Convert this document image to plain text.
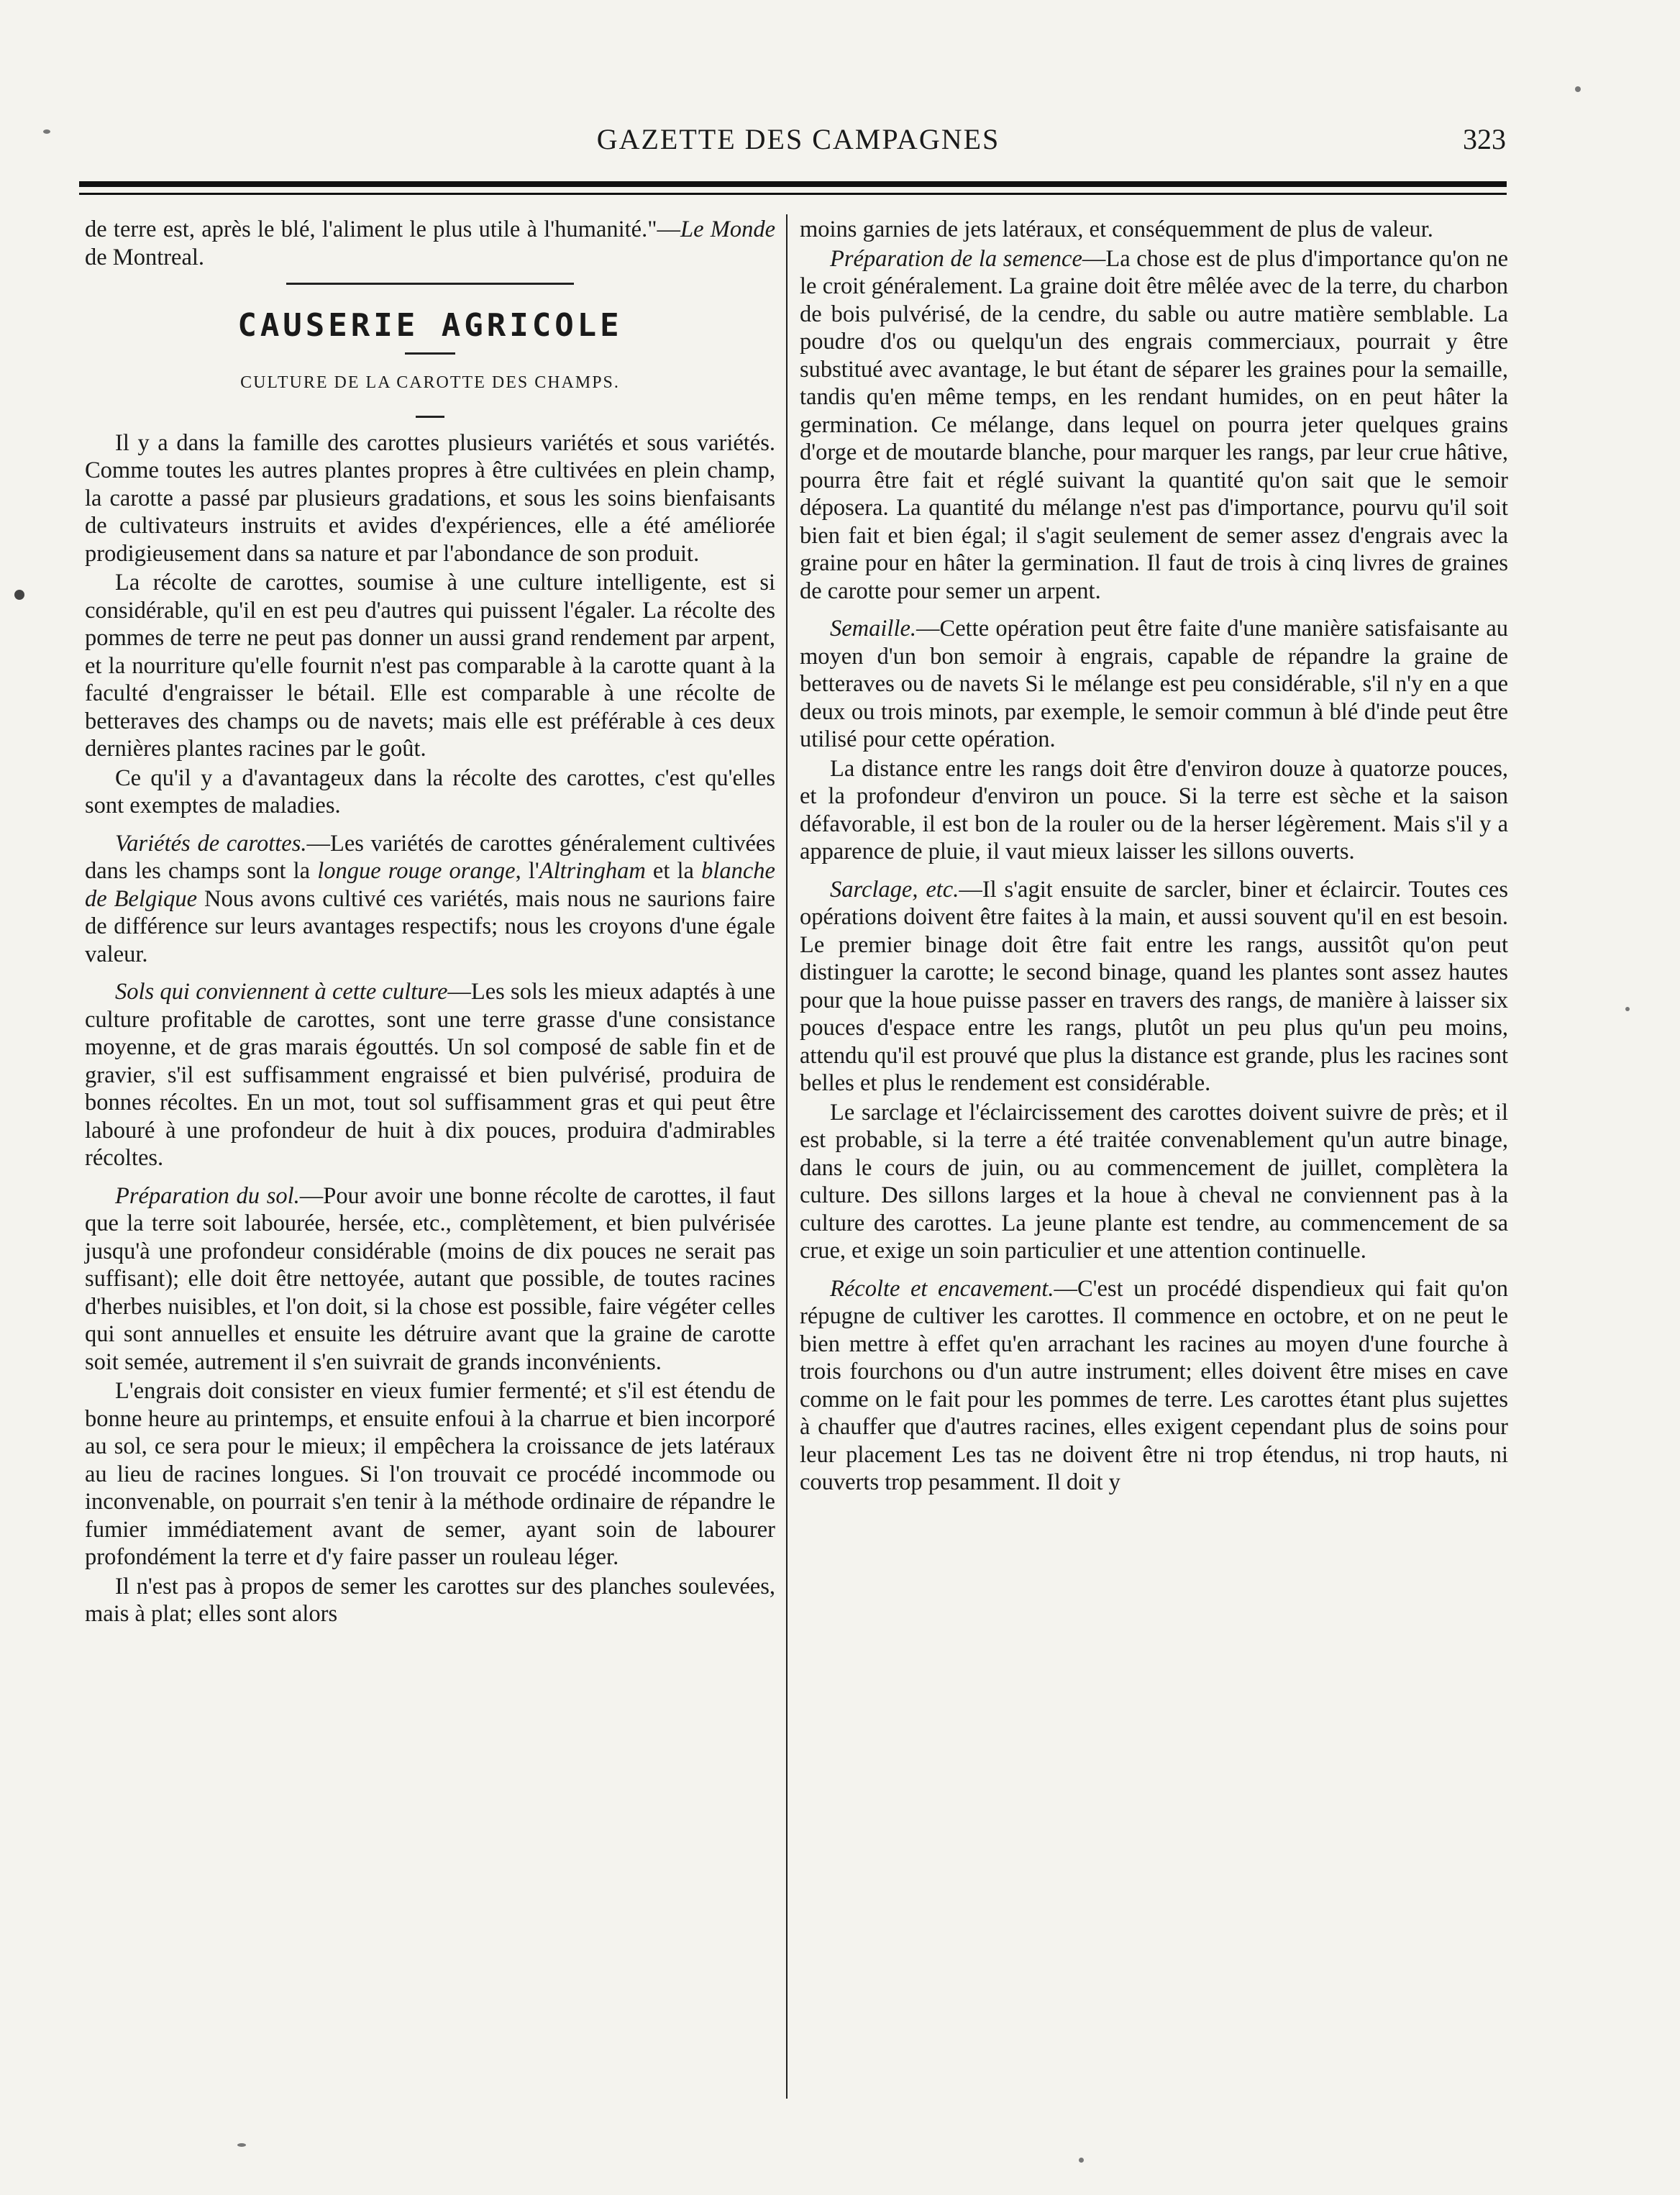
GAZETTE DES CAMPAGNES	323

de terre est, après le blé, l'aliment le plus utile à l'humanité."—Le Monde de Montreal.

CAUSERIE AGRICOLE
CULTURE DE LA CAROTTE DES CHAMPS.

Il y a dans la famille des carottes plusieurs variétés et sous variétés. Comme toutes les autres plantes propres à être cultivées en plein champ, la carotte a passé par plusieurs gradations, et sous les soins bienfaisants de cultivateurs instruits et avides d'expériences, elle a été améliorée prodigieusement dans sa nature et par l'abondance de son produit.

La récolte de carottes, soumise à une culture intelligente, est si considérable, qu'il en est peu d'autres qui puissent l'égaler. La récolte des pommes de terre ne peut pas donner un aussi grand rendement par arpent, et la nourriture qu'elle fournit n'est pas comparable à la carotte quant à la faculté d'engraisser le bétail. Elle est comparable à une récolte de betteraves des champs ou de navets; mais elle est préférable à ces deux dernières plantes racines par le goût.

Ce qu'il y a d'avantageux dans la récolte des carottes, c'est qu'elles sont exemptes de maladies.

Variétés de carottes.—Les variétés de carottes généralement cultivées dans les champs sont la longue rouge orange, l'Altringham et la blanche de Belgique Nous avons cultivé ces variétés, mais nous ne saurions faire de différence sur leurs avantages respectifs; nous les croyons d'une égale valeur.

Sols qui conviennent à cette culture—Les sols les mieux adaptés à une culture profitable de carottes, sont une terre grasse d'une consistance moyenne, et de gras marais égouttés. Un sol composé de sable fin et de gravier, s'il est suffisamment engraissé et bien pulvérisé, produira de bonnes récoltes. En un mot, tout sol suffisamment gras et qui peut être labouré à une profondeur de huit à dix pouces, produira d'admirables récoltes.

Préparation du sol.—Pour avoir une bonne récolte de carottes, il faut que la terre soit labourée, hersée, etc., complètement, et bien pulvérisée jusqu'à une profondeur considérable (moins de dix pouces ne serait pas suffisant); elle doit être nettoyée, autant que possible, de toutes racines d'herbes nuisibles, et l'on doit, si la chose est possible, faire végéter celles qui sont annuelles et ensuite les détruire avant que la graine de carotte soit semée, autrement il s'en suivrait de grands inconvénients.

L'engrais doit consister en vieux fumier fermenté; et s'il est étendu de bonne heure au printemps, et ensuite enfoui à la charrue et bien incorporé au sol, ce sera pour le mieux; il empêchera la croissance de jets latéraux au lieu de racines longues. Si l'on trouvait ce procédé incommode ou inconvenable, on pourrait s'en tenir à la méthode ordinaire de répandre le fumier immédiatement avant de semer, ayant soin de labourer profondément la terre et d'y faire passer un rouleau léger.

Il n'est pas à propos de semer les carottes sur des planches soulevées, mais à plat; elles sont alors

moins garnies de jets latéraux, et conséquemment de plus de valeur.

Préparation de la semence—La chose est de plus d'importance qu'on ne le croit généralement. La graine doit être mêlée avec de la terre, du charbon de bois pulvérisé, de la cendre, du sable ou autre matière semblable. La poudre d'os ou quelqu'un des engrais commerciaux, pourrait y être substitué avec avantage, le but étant de séparer les graines pour la semaille, tandis qu'en même temps, en les rendant humides, on en peut hâter la germination. Ce mélange, dans lequel on pourra jeter quelques grains d'orge et de moutarde blanche, pour marquer les rangs, par leur crue hâtive, pourra être fait et réglé suivant la quantité qu'on sait que le semoir déposera. La quantité du mélange n'est pas d'importance, pourvu qu'il soit bien fait et bien égal; il s'agit seulement de semer assez d'engrais avec la graine pour en hâter la germination. Il faut de trois à cinq livres de graines de carotte pour semer un arpent.

Semaille.—Cette opération peut être faite d'une manière satisfaisante au moyen d'un bon semoir à engrais, capable de répandre la graine de betteraves ou de navets Si le mélange est peu considérable, s'il n'y en a que deux ou trois minots, par exemple, le semoir commun à blé d'inde peut être utilisé pour cette opération.

La distance entre les rangs doit être d'environ douze à quatorze pouces, et la profondeur d'environ un pouce. Si la terre est sèche et la saison défavorable, il est bon de la rouler ou de la herser légèrement. Mais s'il y a apparence de pluie, il vaut mieux laisser les sillons ouverts.

Sarclage, etc.—Il s'agit ensuite de sarcler, biner et éclaircir. Toutes ces opérations doivent être faites à la main, et aussi souvent qu'il en est besoin. Le premier binage doit être fait entre les rangs, aussitôt qu'on peut distinguer la carotte; le second binage, quand les plantes sont assez hautes pour que la houe puisse passer en travers des rangs, de manière à laisser six pouces d'espace entre les rangs, plutôt un peu plus qu'un peu moins, attendu qu'il est prouvé que plus la distance est grande, plus les racines sont belles et plus le rendement est considérable.

Le sarclage et l'éclaircissement des carottes doivent suivre de près; et il est probable, si la terre a été traitée convenablement qu'un autre binage, dans le cours de juin, ou au commencement de juillet, complètera la culture. Des sillons larges et la houe à cheval ne conviennent pas à la culture des carottes. La jeune plante est tendre, au commencement de sa crue, et exige un soin particulier et une attention continuelle.

Récolte et encavement.—C'est un procédé dispendieux qui fait qu'on répugne de cultiver les carottes. Il commence en octobre, et on ne peut le bien mettre à effet qu'en arrachant les racines au moyen d'une fourche à trois fourchons ou d'un autre instrument; elles doivent être mises en cave comme on le fait pour les pommes de terre. Les carottes étant plus sujettes à chauffer que d'autres racines, elles exigent cependant plus de soins pour leur placement Les tas ne doivent être ni trop étendus, ni trop hauts, ni couverts trop pesamment. Il doit y
